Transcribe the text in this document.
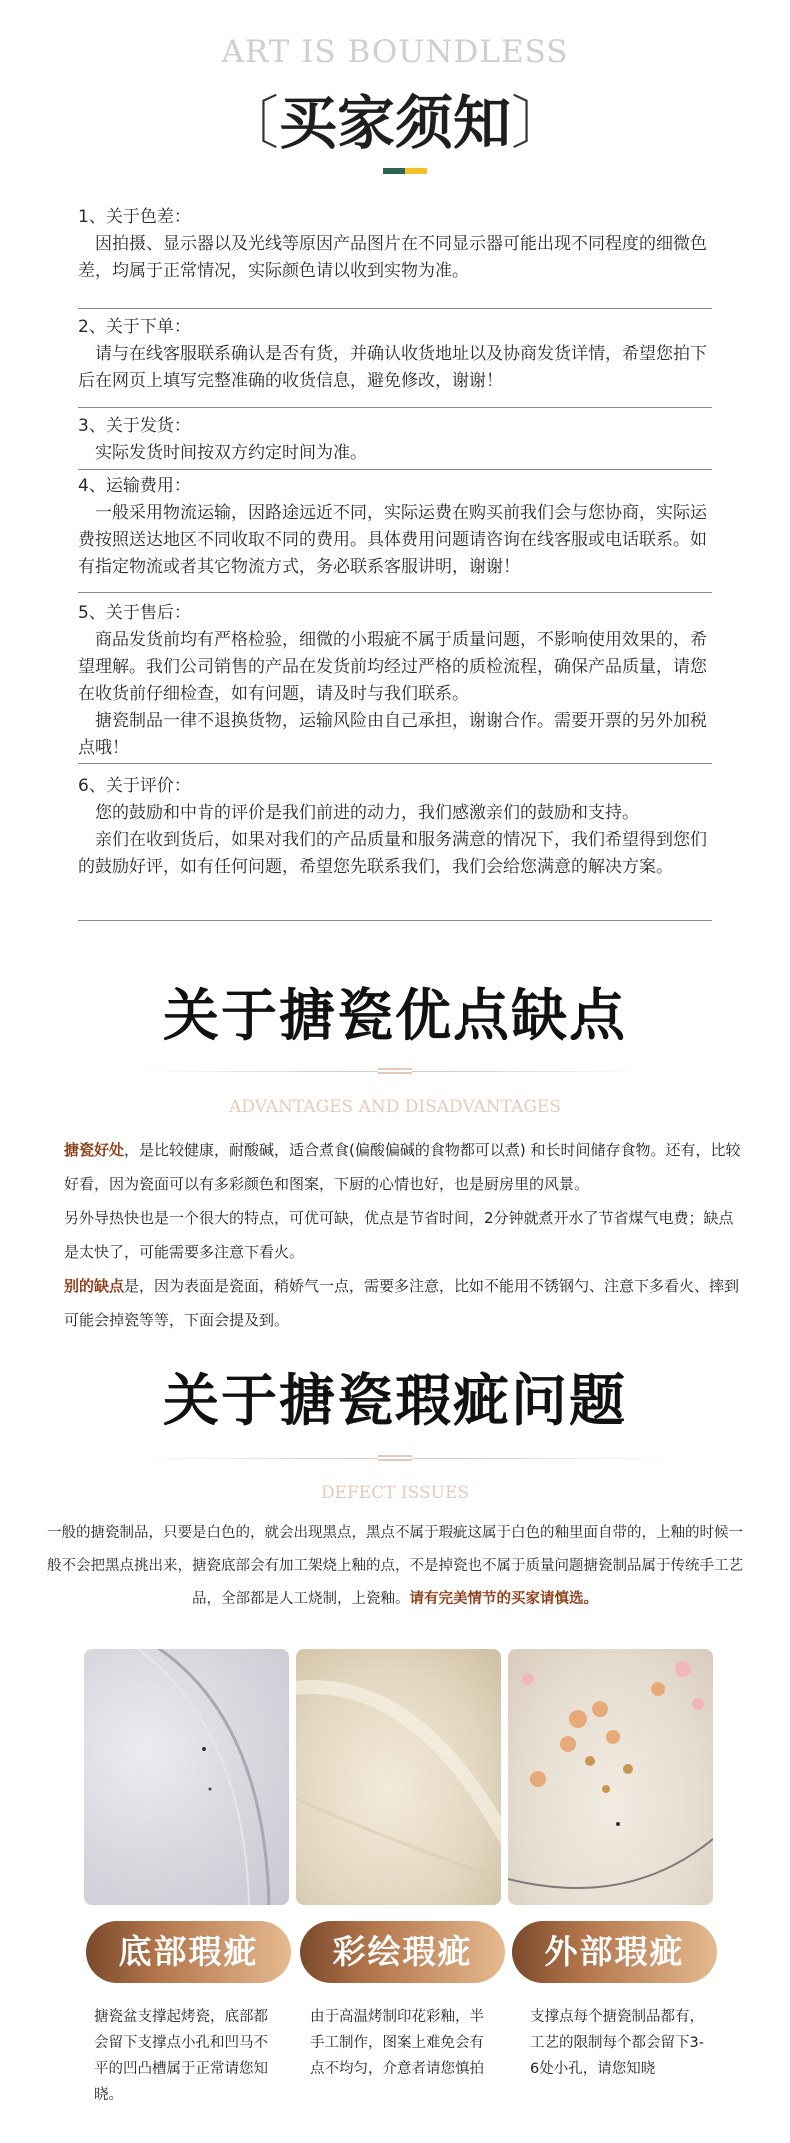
ART IS BOUNDLESS
〔买家须知〕
1、关于色差：
因拍摄、显示器以及光线等原因产品图片在不同显示器可能出现不同程度的细微色差，均属于正常情况，实际颜色请以收到实物为准。
2、关于下单：
请与在线客服联系确认是否有货，并确认收货地址以及协商发货详情，希望您拍下后在网页上填写完整准确的收货信息，避免修改，谢谢！
3、关于发货：
实际发货时间按双方约定时间为准。
4、运输费用：
一般采用物流运输，因路途远近不同，实际运费在购买前我们会与您协商，实际运费按照送达地区不同收取不同的费用。具体费用问题请咨询在线客服或电话联系。如有指定物流或者其它物流方式，务必联系客服讲明，谢谢！
5、关于售后：
商品发货前均有严格检验，细微的小瑕疵不属于质量问题，不影响使用效果的，希望理解。我们公司销售的产品在发货前均经过严格的质检流程，确保产品质量，请您在收货前仔细检查，如有问题，请及时与我们联系。
搪瓷制品一律不退换货物，运输风险由自己承担，谢谢合作。需要开票的另外加税点哦！
6、关于评价：
您的鼓励和中肯的评价是我们前进的动力，我们感激亲们的鼓励和支持。
亲们在收到货后，如果对我们的产品质量和服务满意的情况下，我们希望得到您们的鼓励好评，如有任何问题，希望您先联系我们，我们会给您满意的解决方案。
关于搪瓷优点缺点
ADVANTAGES AND DISADVANTAGES
搪瓷好处，是比较健康，耐酸碱，适合煮食(偏酸偏碱的食物都可以煮) 和长时间储存食物。还有，比较好看，因为瓷面可以有多彩颜色和图案，下厨的心情也好，也是厨房里的风景。
另外导热快也是一个很大的特点，可优可缺，优点是节省时间，2分钟就煮开水了节省煤气电费；缺点是太快了，可能需要多注意下看火。
别的缺点是，因为表面是瓷面，稍娇气一点，需要多注意，比如不能用不锈钢勺、注意下多看火、摔到可能会掉瓷等等，下面会提及到。
关于搪瓷瑕疵问题
DEFECT ISSUES
一般的搪瓷制品，只要是白色的，就会出现黑点，黑点不属于瑕疵这属于白色的釉里面自带的，上釉的时候一般不会把黑点挑出来，搪瓷底部会有加工架烧上釉的点，不是掉瓷也不属于质量问题搪瓷制品属于传统手工艺品，全部都是人工烧制，上瓷釉。请有完美情节的买家请慎选。
底部瑕疵	彩绘瑕疵	外部瑕疵
搪瓷盆支撑起烤瓷，底部都会留下支撑点小孔和凹马不平的凹凸槽属于正常请您知晓。
由于高温烤制印花彩釉，半手工制作，图案上难免会有点不均匀，介意者请您慎拍
支撑点每个搪瓷制品都有，工艺的限制每个都会留下3-6处小孔，请您知晓
